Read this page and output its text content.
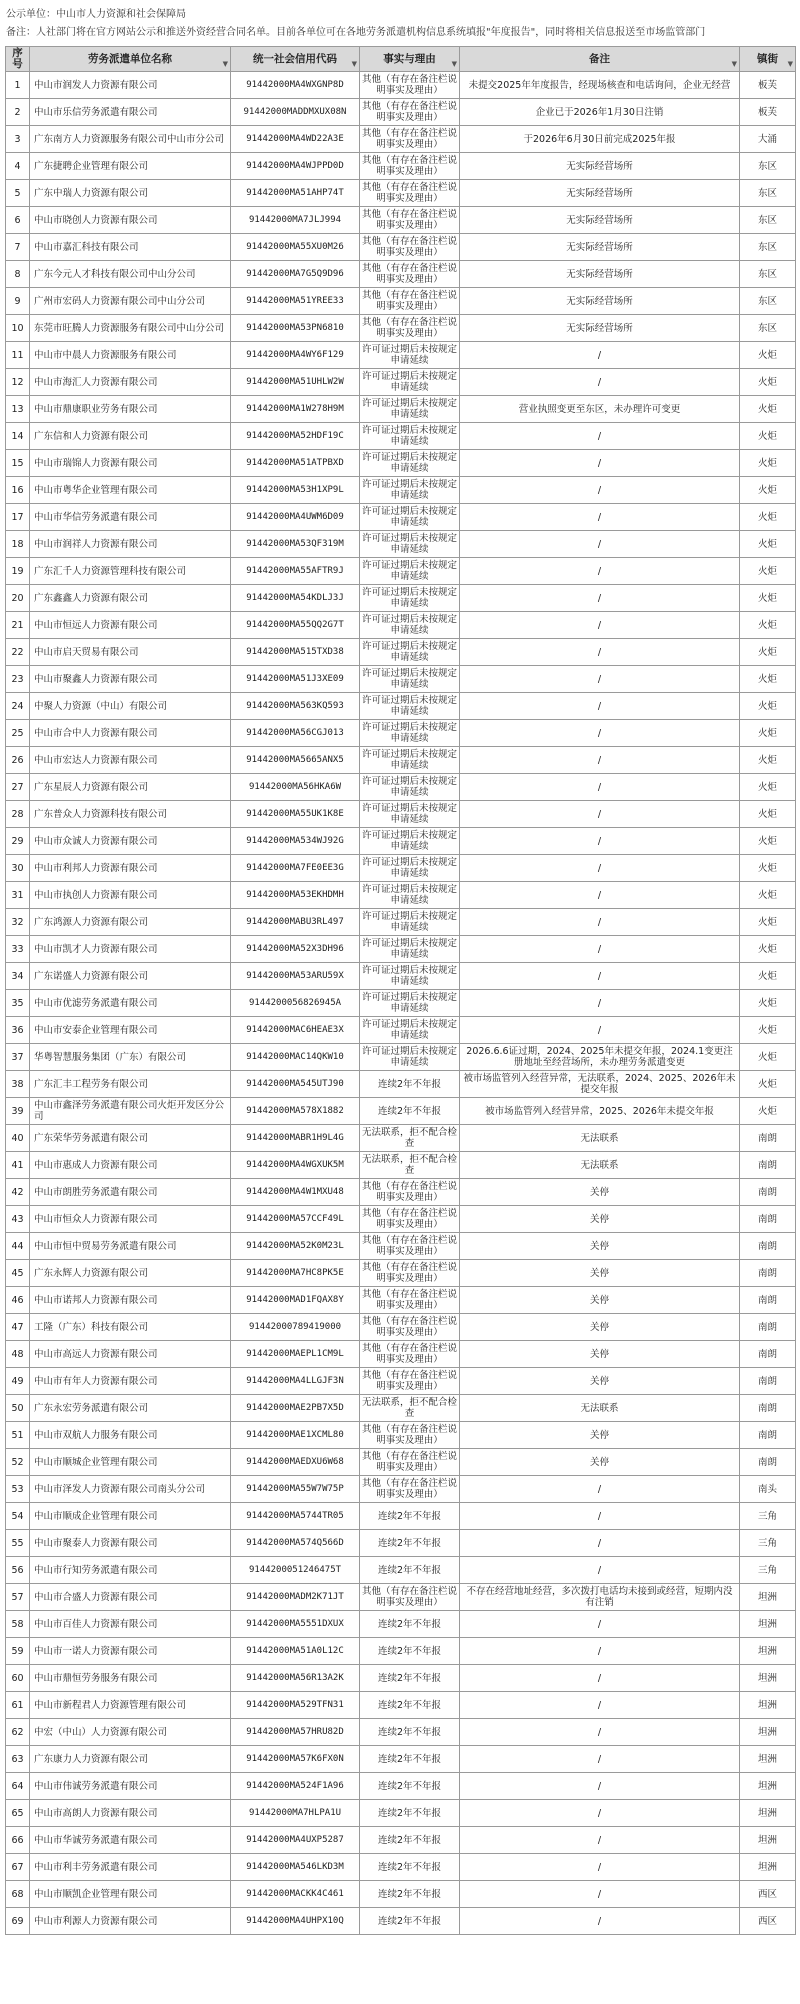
公示单位：中山市人力资源和社会保障局
备注：人社部门将在官方网站公示和推送外资经营合同名单。目前各单位可在各地劳务派遣机构信息系统填报"年度报告"，同时将相关信息报送至市场监管部门
序号	劳务派遣单位名称 ▼	统一社会信用代码 ▼	事实与理由 ▼	备注 ▼	镇街 ▼

1	中山市润发人力资源有限公司	91442000MA4WXGNP8D	其他（有存在备注栏说明事实及理由）	未提交2025年年度报告，经现场核查和电话询问，企业无经营	板芙
2	中山市乐信劳务派遣有限公司	91442000MADDMXUX08N	其他（有存在备注栏说明事实及理由）	企业已于2026年1月30日注销	板芙
3	广东南方人力资源服务有限公司中山市分公司	91442000MA4WD22A3E	其他（有存在备注栏说明事实及理由）	于2026年6月30日前完成2025年报	大涌
4	广东捷聘企业管理有限公司	91442000MA4WJPPD0D	其他（有存在备注栏说明事实及理由）	无实际经营场所	东区
5	广东中瑞人力资源有限公司	91442000MA51AHP74T	其他（有存在备注栏说明事实及理由）	无实际经营场所	东区
6	中山市晓创人力资源有限公司	91442000MA7JLJ994	其他（有存在备注栏说明事实及理由）	无实际经营场所	东区
7	中山市嘉汇科技有限公司	91442000MA55XU0M26	其他（有存在备注栏说明事实及理由）	无实际经营场所	东区
8	广东今元人才科技有限公司中山分公司	91442000MA7G5Q9D96	其他（有存在备注栏说明事实及理由）	无实际经营场所	东区
9	广州市宏码人力资源有限公司中山分公司	91442000MA51YREE33	其他（有存在备注栏说明事实及理由）	无实际经营场所	东区
10	东莞市旺腾人力资源服务有限公司中山分公司	91442000MA53PN6810	其他（有存在备注栏说明事实及理由）	无实际经营场所	东区
11	中山市中晨人力资源服务有限公司	91442000MA4WY6F129	许可证过期后未按规定申请延续	/	火炬
12	中山市海汇人力资源有限公司	91442000MA51UHLW2W	许可证过期后未按规定申请延续	/	火炬
13	中山市鼎康职业劳务有限公司	91442000MA1W278H9M	许可证过期后未按规定申请延续	营业执照变更至东区，未办理许可变更	火炬
14	广东信和人力资源有限公司	91442000MA52HDF19C	许可证过期后未按规定申请延续	/	火炬
15	中山市瑞锦人力资源有限公司	91442000MA51ATPBXD	许可证过期后未按规定申请延续	/	火炬
16	中山市粤华企业管理有限公司	91442000MA53H1XP9L	许可证过期后未按规定申请延续	/	火炬
17	中山市华信劳务派遣有限公司	91442000MA4UWM6D09	许可证过期后未按规定申请延续	/	火炬
18	中山市润祥人力资源有限公司	91442000MA53QF319M	许可证过期后未按规定申请延续	/	火炬
19	广东汇千人力资源管理科技有限公司	91442000MA55AFTR9J	许可证过期后未按规定申请延续	/	火炬
20	广东鑫鑫人力资源有限公司	91442000MA54KDLJ3J	许可证过期后未按规定申请延续	/	火炬
21	中山市恒远人力资源有限公司	91442000MA55QQ2G7T	许可证过期后未按规定申请延续	/	火炬
22	中山市启天贸易有限公司	91442000MA515TXD38	许可证过期后未按规定申请延续	/	火炬
23	中山市聚鑫人力资源有限公司	91442000MA51J3XE09	许可证过期后未按规定申请延续	/	火炬
24	中聚人力资源（中山）有限公司	91442000MA563KQ593	许可证过期后未按规定申请延续	/	火炬
25	中山市合中人力资源有限公司	91442000MA56CGJ013	许可证过期后未按规定申请延续	/	火炬
26	中山市宏达人力资源有限公司	91442000MA5665ANX5	许可证过期后未按规定申请延续	/	火炬
27	广东星辰人力资源有限公司	91442000MA56HKA6W	许可证过期后未按规定申请延续	/	火炬
28	广东普众人力资源科技有限公司	91442000MA55UK1K8E	许可证过期后未按规定申请延续	/	火炬
29	中山市众诚人力资源有限公司	91442000MA534WJ92G	许可证过期后未按规定申请延续	/	火炬
30	中山市利邦人力资源有限公司	91442000MA7FE0EE3G	许可证过期后未按规定申请延续	/	火炬
31	中山市执创人力资源有限公司	91442000MA53EKHDMH	许可证过期后未按规定申请延续	/	火炬
32	广东鸿源人力资源有限公司	91442000MABU3RL497	许可证过期后未按规定申请延续	/	火炬
33	中山市凯才人力资源有限公司	91442000MA52X3DH96	许可证过期后未按规定申请延续	/	火炬
34	广东诺盛人力资源有限公司	91442000MA53ARU59X	许可证过期后未按规定申请延续	/	火炬
35	中山市优滤劳务派遣有限公司	9144200056826945A	许可证过期后未按规定申请延续	/	火炬
36	中山市安泰企业管理有限公司	91442000MAC6HEAE3X	许可证过期后未按规定申请延续	/	火炬
37	华粤智慧服务集团（广东）有限公司	91442000MAC14QKW10	许可证过期后未按规定申请延续	2026.6.6证过期，2024、2025年未提交年报，2024.1变更注册地址至经营场所，未办理劳务派遣变更	火炬
38	广东汇丰工程劳务有限公司	91442000MA545UTJ90	连续2年不年报	被市场监管列入经营异常，无法联系，2024、2025、2026年未提交年报	火炬
39	中山市鑫泽劳务派遣有限公司火炬开发区分公司	91442000MA578X1882	连续2年不年报	被市场监管列入经营异常，2025、2026年未提交年报	火炬
40	广东荣华劳务派遣有限公司	91442000MABR1H9L4G	无法联系，拒不配合检查	无法联系	南朗
41	中山市惠成人力资源有限公司	91442000MA4WGXUK5M	无法联系，拒不配合检查	无法联系	南朗
42	中山市朗胜劳务派遣有限公司	91442000MA4W1MXU48	其他（有存在备注栏说明事实及理由）	关停	南朗
43	中山市恒众人力资源有限公司	91442000MA57CCF49L	其他（有存在备注栏说明事实及理由）	关停	南朗
44	中山市恒中贸易劳务派遣有限公司	91442000MA52K0M23L	其他（有存在备注栏说明事实及理由）	关停	南朗
45	广东永辉人力资源有限公司	91442000MA7HC8PK5E	其他（有存在备注栏说明事实及理由）	关停	南朗
46	中山市诺邦人力资源有限公司	91442000MAD1FQAX8Y	其他（有存在备注栏说明事实及理由）	关停	南朗
47	工隆（广东）科技有限公司	91442000789419000	其他（有存在备注栏说明事实及理由）	关停	南朗
48	中山市高远人力资源有限公司	91442000MAEPL1CM9L	其他（有存在备注栏说明事实及理由）	关停	南朗
49	中山市有年人力资源有限公司	91442000MA4LLGJF3N	其他（有存在备注栏说明事实及理由）	关停	南朗
50	广东永宏劳务派遣有限公司	91442000MAE2PB7X5D	无法联系，拒不配合检查	无法联系	南朗
51	中山市双航人力服务有限公司	91442000MAE1XCML80	其他（有存在备注栏说明事实及理由）	关停	南朗
52	中山市顺城企业管理有限公司	91442000MAEDXU6W68	其他（有存在备注栏说明事实及理由）	关停	南朗
53	中山市泽发人力资源有限公司南头分公司	91442000MA55W7W75P	其他（有存在备注栏说明事实及理由）	/	南头
54	中山市顺成企业管理有限公司	91442000MA5744TR05	连续2年不年报	/	三角
55	中山市聚泰人力资源有限公司	91442000MA574Q566D	连续2年不年报	/	三角
56	中山市行知劳务派遣有限公司	9144200051246475T	连续2年不年报	/	三角
57	中山市合盛人力资源有限公司	91442000MADM2K71JT	其他（有存在备注栏说明事实及理由）	不存在经营地址经营，多次拨打电话均未接到或经营，短期内没有注销	坦洲
58	中山市百佳人力资源有限公司	91442000MA5551DXUX	连续2年不年报	/	坦洲
59	中山市一诺人力资源有限公司	91442000MA51A0L12C	连续2年不年报	/	坦洲
60	中山市鼎恒劳务服务有限公司	91442000MA56R13A2K	连续2年不年报	/	坦洲
61	中山市新程君人力资源管理有限公司	91442000MA529TFN31	连续2年不年报	/	坦洲
62	中宏（中山）人力资源有限公司	91442000MA57HRU82D	连续2年不年报	/	坦洲
63	广东康力人力资源有限公司	91442000MA57K6FX0N	连续2年不年报	/	坦洲
64	中山市伟诚劳务派遣有限公司	91442000MA524F1A96	连续2年不年报	/	坦洲
65	中山市高朗人力资源有限公司	91442000MA7HLPA1U	连续2年不年报	/	坦洲
66	中山市华诚劳务派遣有限公司	91442000MA4UXP5287	连续2年不年报	/	坦洲
67	中山市利丰劳务派遣有限公司	91442000MA546LKD3M	连续2年不年报	/	坦洲
68	中山市顺凯企业管理有限公司	91442000MACKK4C461	连续2年不年报	/	西区
69	中山市利源人力资源有限公司	91442000MA4UHPX10Q	连续2年不年报	/	西区
